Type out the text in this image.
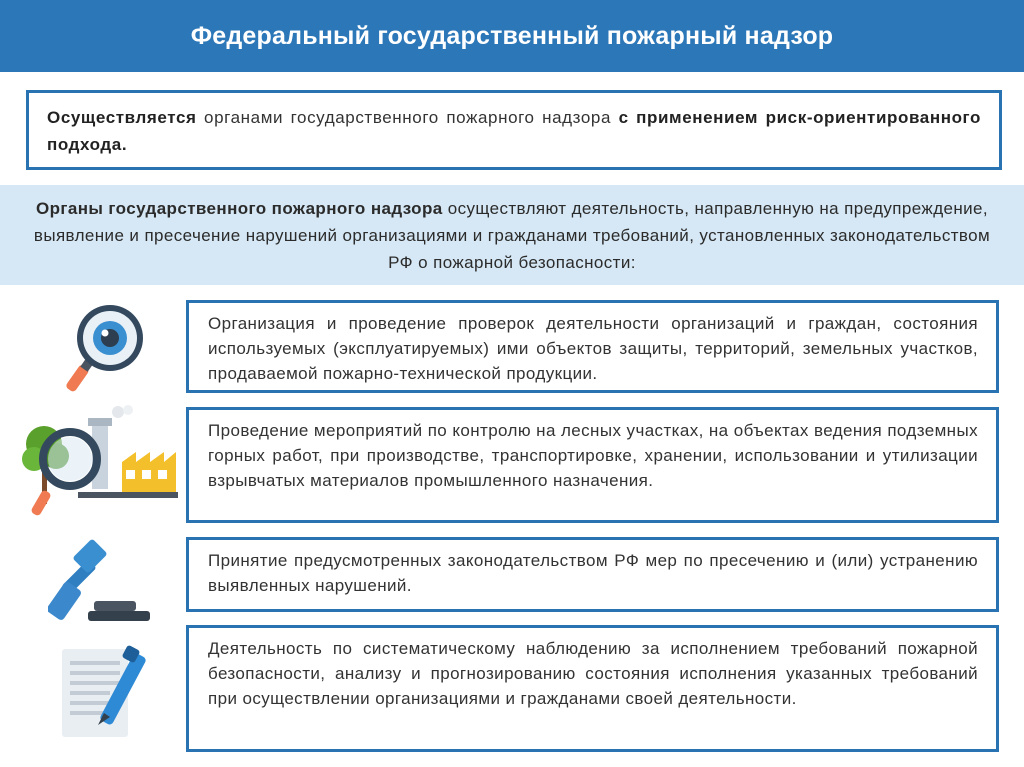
Федеральный государственный пожарный надзор
Осуществляется органами государственного пожарного надзора с применением риск-ориентированного подхода.
Органы государственного пожарного надзора осуществляют деятельность, направленную на предупреждение, выявление и пресечение нарушений организациями и гражданами требований, установленных законодательством РФ о пожарной безопасности:
Организация и проведение проверок деятельности организаций и граждан, состояния используемых (эксплуатируемых) ими объектов защиты, территорий, земельных участков, продаваемой пожарно-технической продукции.
Проведение мероприятий по контролю на лесных участках, на объектах ведения подземных горных работ, при производстве, транспортировке, хранении, использовании и утилизации взрывчатых материалов промышленного назначения.
Принятие предусмотренных законодательством РФ мер по пресечению и (или) устранению выявленных нарушений.
Деятельность по систематическому наблюдению за исполнением требований пожарной безопасности, анализу и прогнозированию состояния исполнения указанных требований при осуществлении организациями и гражданами своей деятельности.
